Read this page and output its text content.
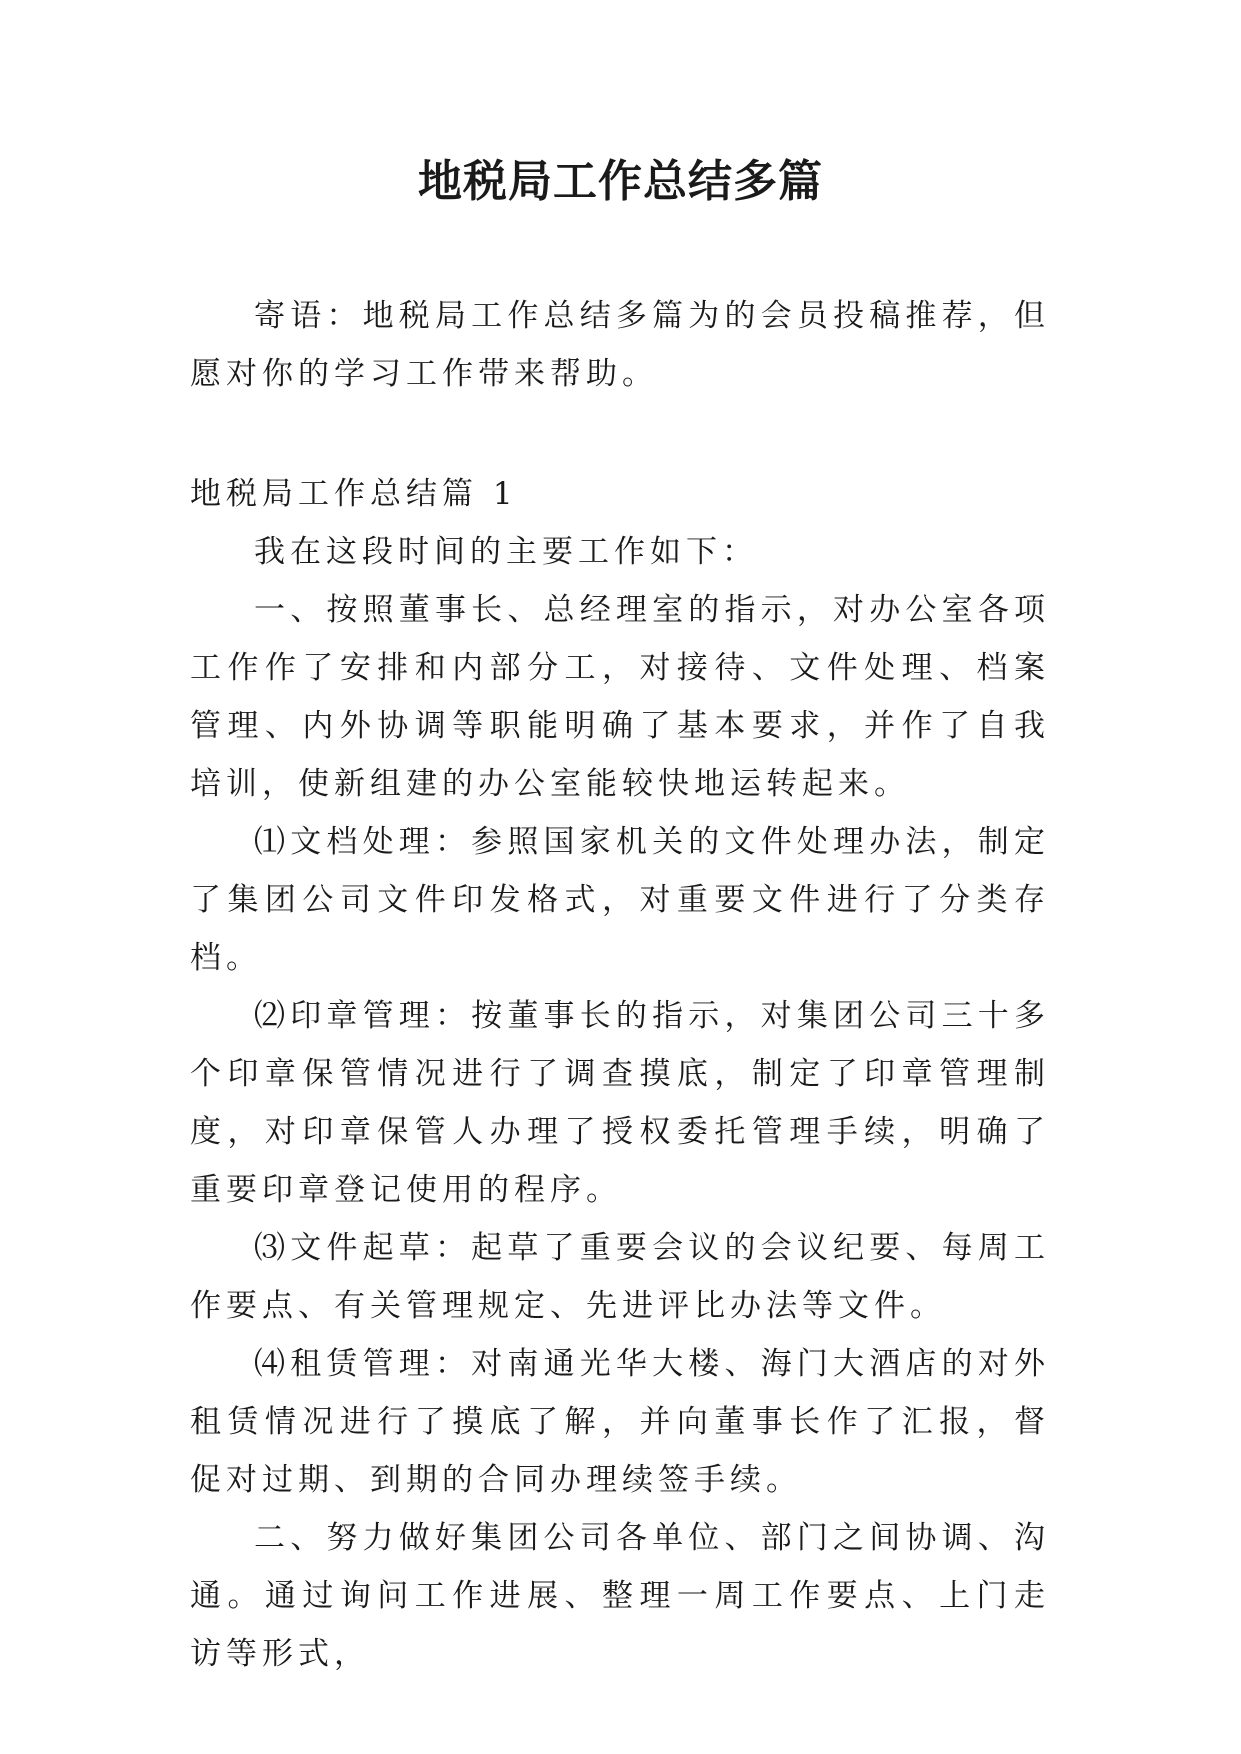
地税局工作总结多篇

寄语：地税局工作总结多篇为的会员投稿推荐，但愿对你的学习工作带来帮助。

地税局工作总结篇 1

我在这段时间的主要工作如下：

一、按照董事长、总经理室的指示，对办公室各项工作作了安排和内部分工，对接待、文件处理、档案管理、内外协调等职能明确了基本要求，并作了自我培训，使新组建的办公室能较快地运转起来。

⑴文档处理：参照国家机关的文件处理办法，制定了集团公司文件印发格式，对重要文件进行了分类存档。

⑵印章管理：按董事长的指示，对集团公司三十多个印章保管情况进行了调查摸底，制定了印章管理制度，对印章保管人办理了授权委托管理手续，明确了重要印章登记使用的程序。

⑶文件起草：起草了重要会议的会议纪要、每周工作要点、有关管理规定、先进评比办法等文件。

⑷租赁管理：对南通光华大楼、海门大酒店的对外租赁情况进行了摸底了解，并向董事长作了汇报，督促对过期、到期的合同办理续签手续。

二、努力做好集团公司各单位、部门之间协调、沟通。通过询问工作进展、整理一周工作要点、上门走访等形式，
